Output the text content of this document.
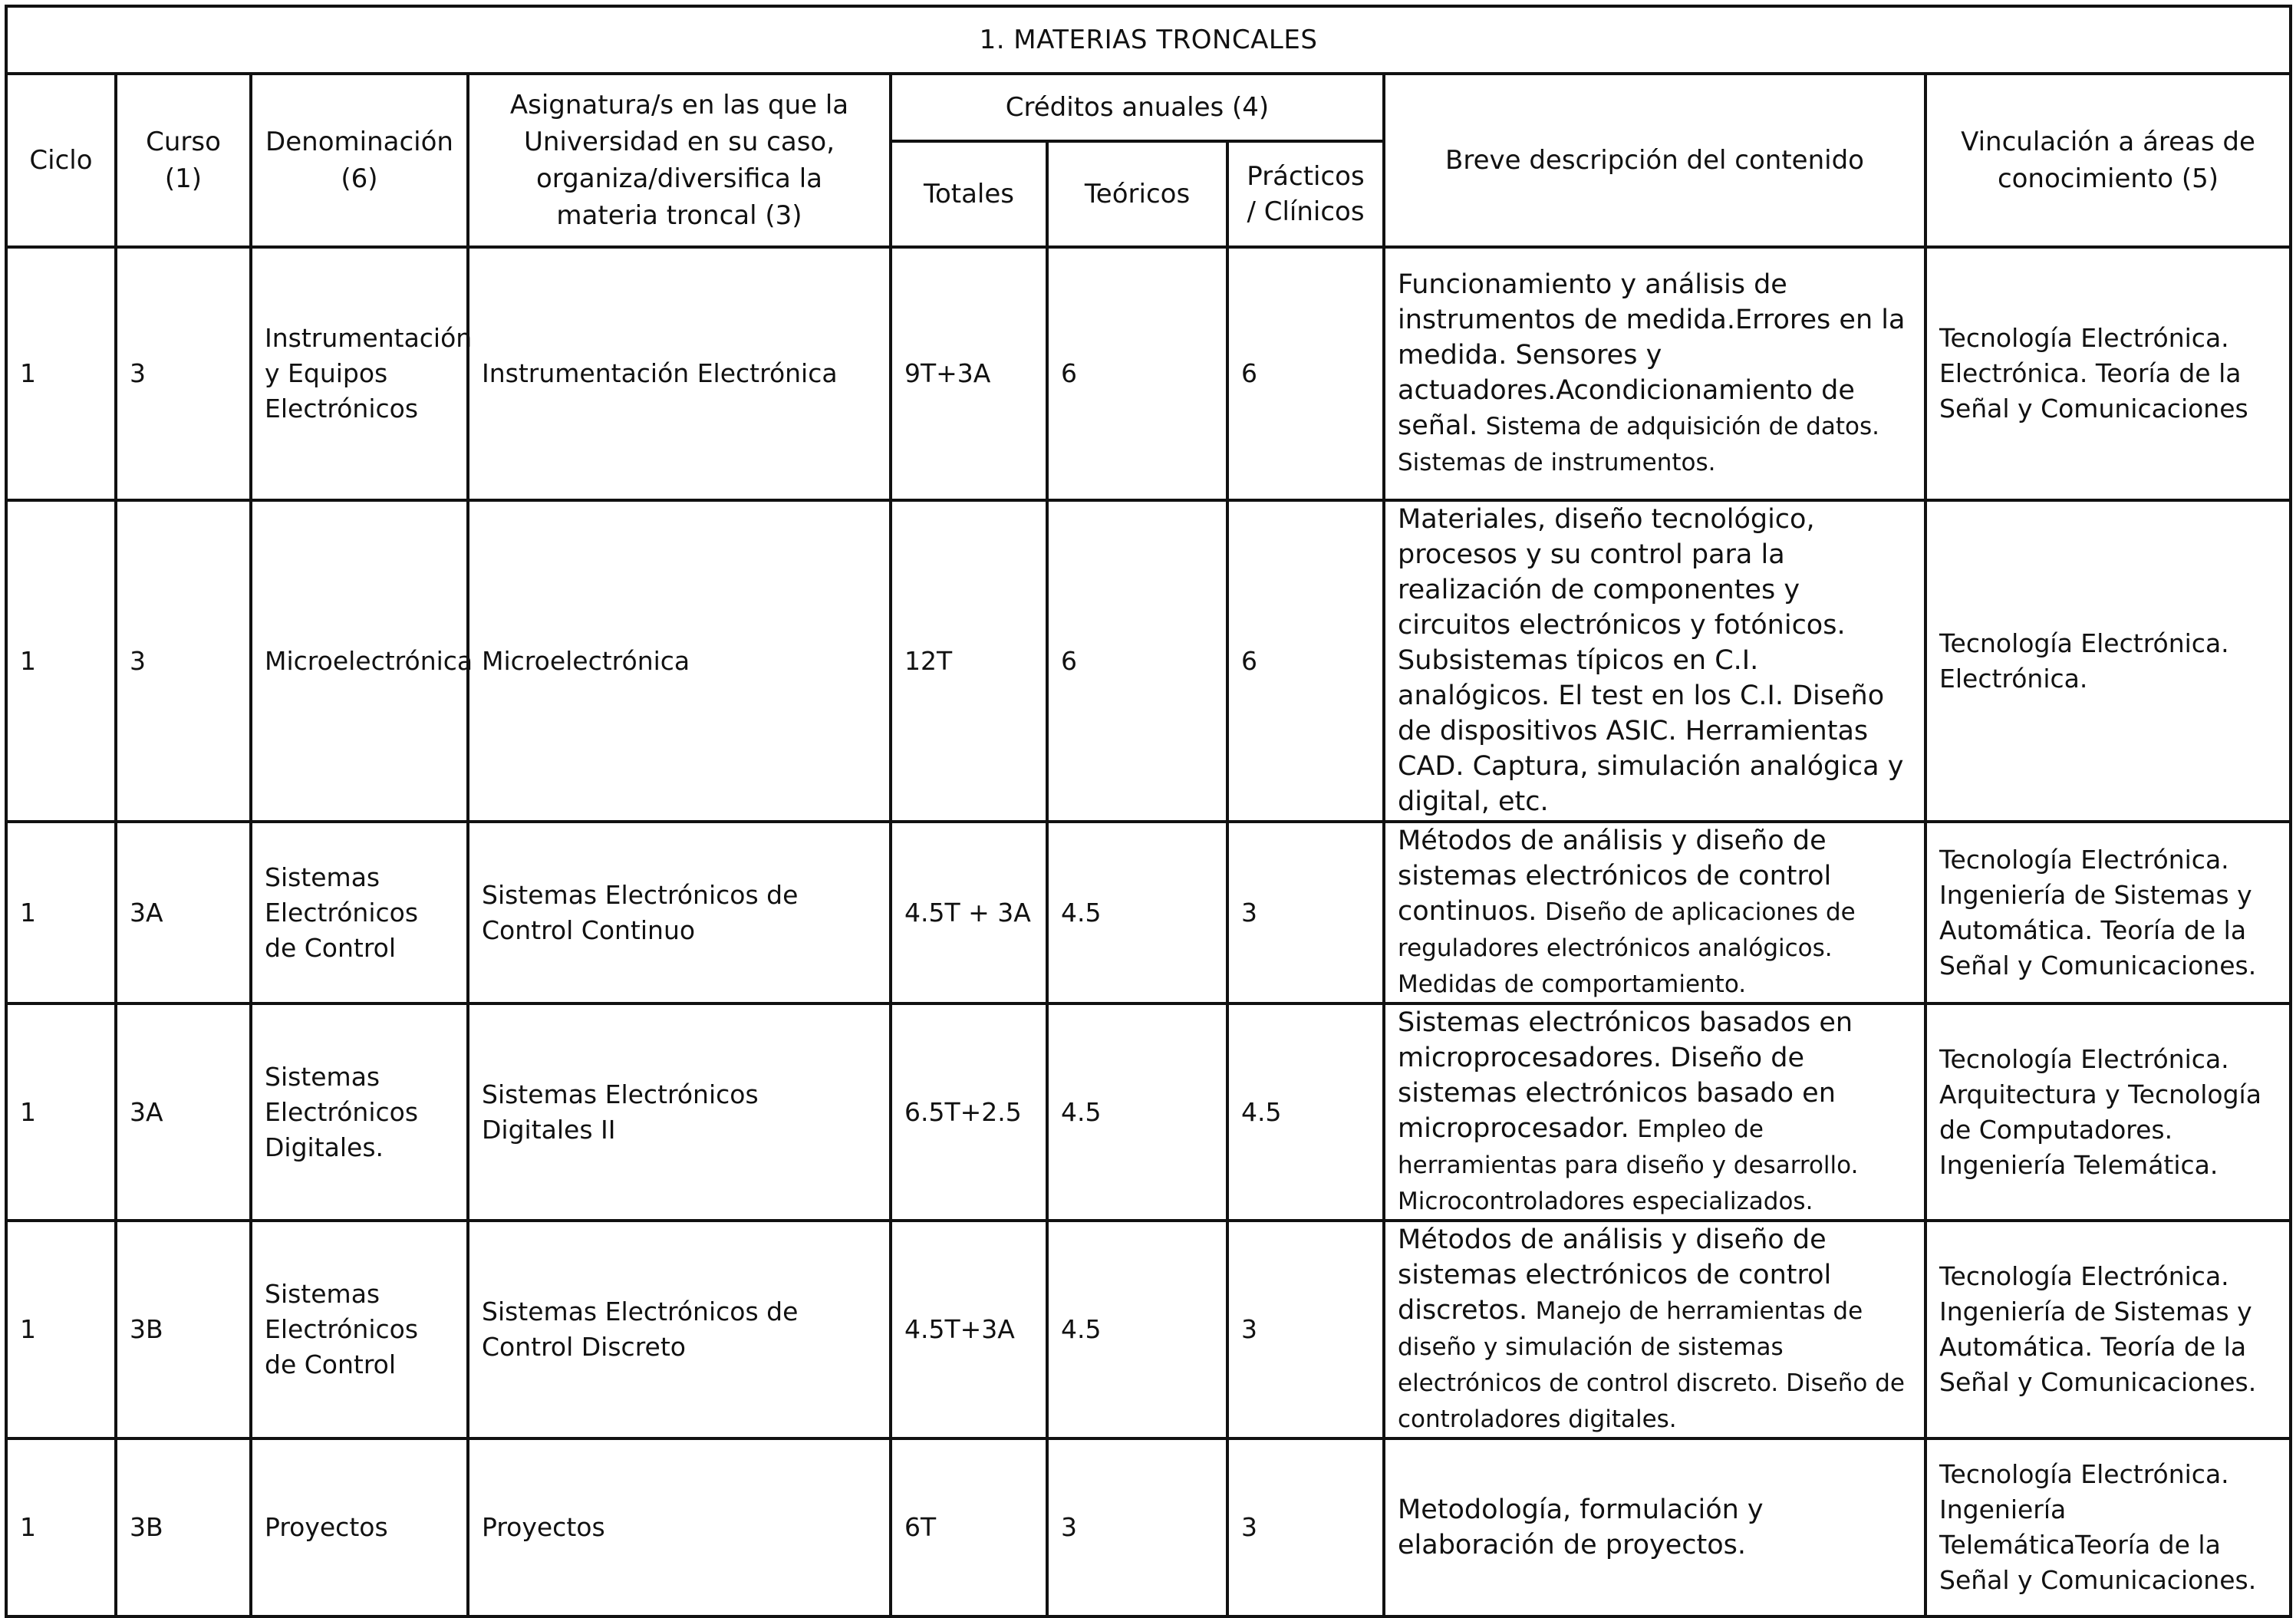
1. MATERIAS TRONCALES								
Ciclo	Curso (1)	Denominación (6)	Asignatura/s en las que la Universidad en su caso, organiza/diversifica la materia troncal (3)	Créditos anuales (4)			Breve descripción del contenido	Vinculación a áreas de conocimiento (5)
				Totales	Teóricos	Prácticos / Clínicos		
1	3	Instrumentación y Equipos Electrónicos	Instrumentación Electrónica	9T+3A	6	6	Funcionamiento y análisis de instrumentos de medida.Errores en la medida. Sensores y actuadores.Acondicionamiento de señal. Sistema de adquisición de datos. Sistemas de instrumentos.	Tecnología Electrónica. Electrónica. Teoría de la Señal y Comunicaciones
1	3	Microelectrónica	Microelectrónica	12T	6	6	Materiales, diseño tecnológico, procesos y su control para la realización de componentes y circuitos electrónicos y fotónicos. Subsistemas típicos en C.I. analógicos. El test en los C.I. Diseño de dispositivos ASIC. Herramientas CAD. Captura, simulación analógica y digital, etc.	Tecnología Electrónica. Electrónica.
1	3A	Sistemas Electrónicos de Control	Sistemas Electrónicos de Control Continuo	4.5T + 3A	4.5	3	Métodos de análisis y diseño de sistemas electrónicos de control continuos. Diseño de aplicaciones de reguladores electrónicos analógicos. Medidas de comportamiento.	Tecnología Electrónica. Ingeniería de Sistemas y Automática. Teoría de la Señal y Comunicaciones.
1	3A	Sistemas Electrónicos Digitales.	Sistemas Electrónicos Digitales II	6.5T+2.5	4.5	4.5	Sistemas electrónicos basados en microprocesadores. Diseño de sistemas electrónicos basado en microprocesador. Empleo de herramientas para diseño y desarrollo. Microcontroladores especializados.	Tecnología Electrónica. Arquitectura y Tecnología de Computadores. Ingeniería Telemática.
1	3B	Sistemas Electrónicos de Control	Sistemas Electrónicos de Control Discreto	4.5T+3A	4.5	3	Métodos de análisis y diseño de sistemas electrónicos de control discretos. Manejo de herramientas de diseño y simulación de sistemas electrónicos de control discreto. Diseño de controladores digitales.	Tecnología Electrónica. Ingeniería de Sistemas y Automática. Teoría de la Señal y Comunicaciones.
1	3B	Proyectos	Proyectos	6T	3	3	Metodología, formulación y elaboración de proyectos.	Tecnología Electrónica. Ingeniería TelemáticaTeoría de la Señal y Comunicaciones.
